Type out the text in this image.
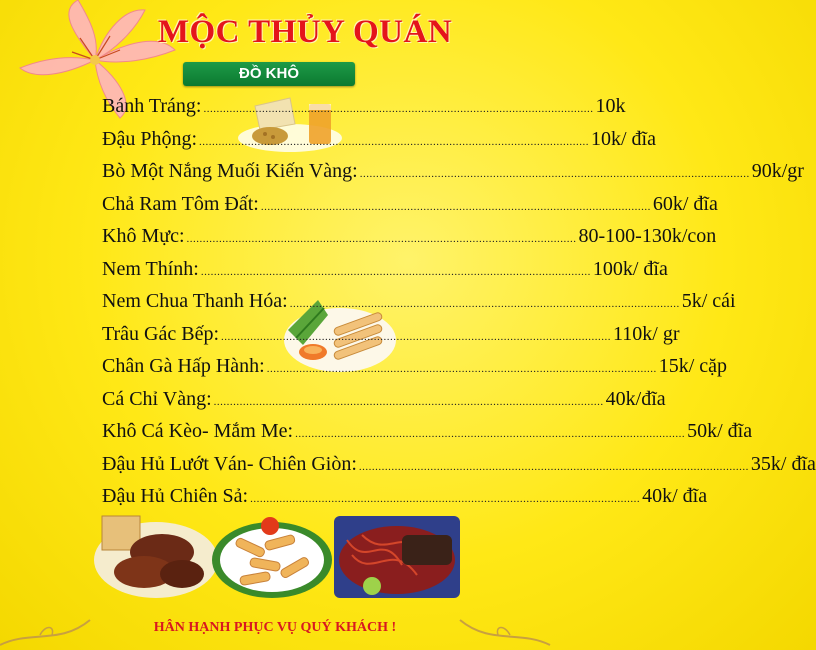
MỘC THỦY QUÁN
ĐỒ KHÔ
Bánh Tráng: ........................................................................................................................ 10k
Đậu Phộng: ........................................................................................................................ 10k/ đĩa
Bò Một Nắng Muối Kiến Vàng: ........................................................................................................................ 90k/gr
Chả Ram Tôm Đất: ........................................................................................................................ 60k/ đĩa
Khô Mực: ........................................................................................................................ 80-100-130k/con
Nem Thính: ........................................................................................................................ 100k/ đĩa
Nem Chua Thanh Hóa: ........................................................................................................................ 5k/ cái
Trâu Gác Bếp: ........................................................................................................................ 110k/ gr
Chân Gà Hấp Hành: ........................................................................................................................ 15k/ cặp
Cá Chỉ Vàng: ........................................................................................................................ 40k/đĩa
Khô Cá Kèo- Mắm Me: ........................................................................................................................ 50k/ đĩa
Đậu Hủ Lướt Ván- Chiên Giòn: ........................................................................................................................ 35k/ đĩa
Đậu Hủ Chiên Sả: ........................................................................................................................ 40k/ đĩa
HÂN HẠNH PHỤC VỤ QUÝ KHÁCH !
